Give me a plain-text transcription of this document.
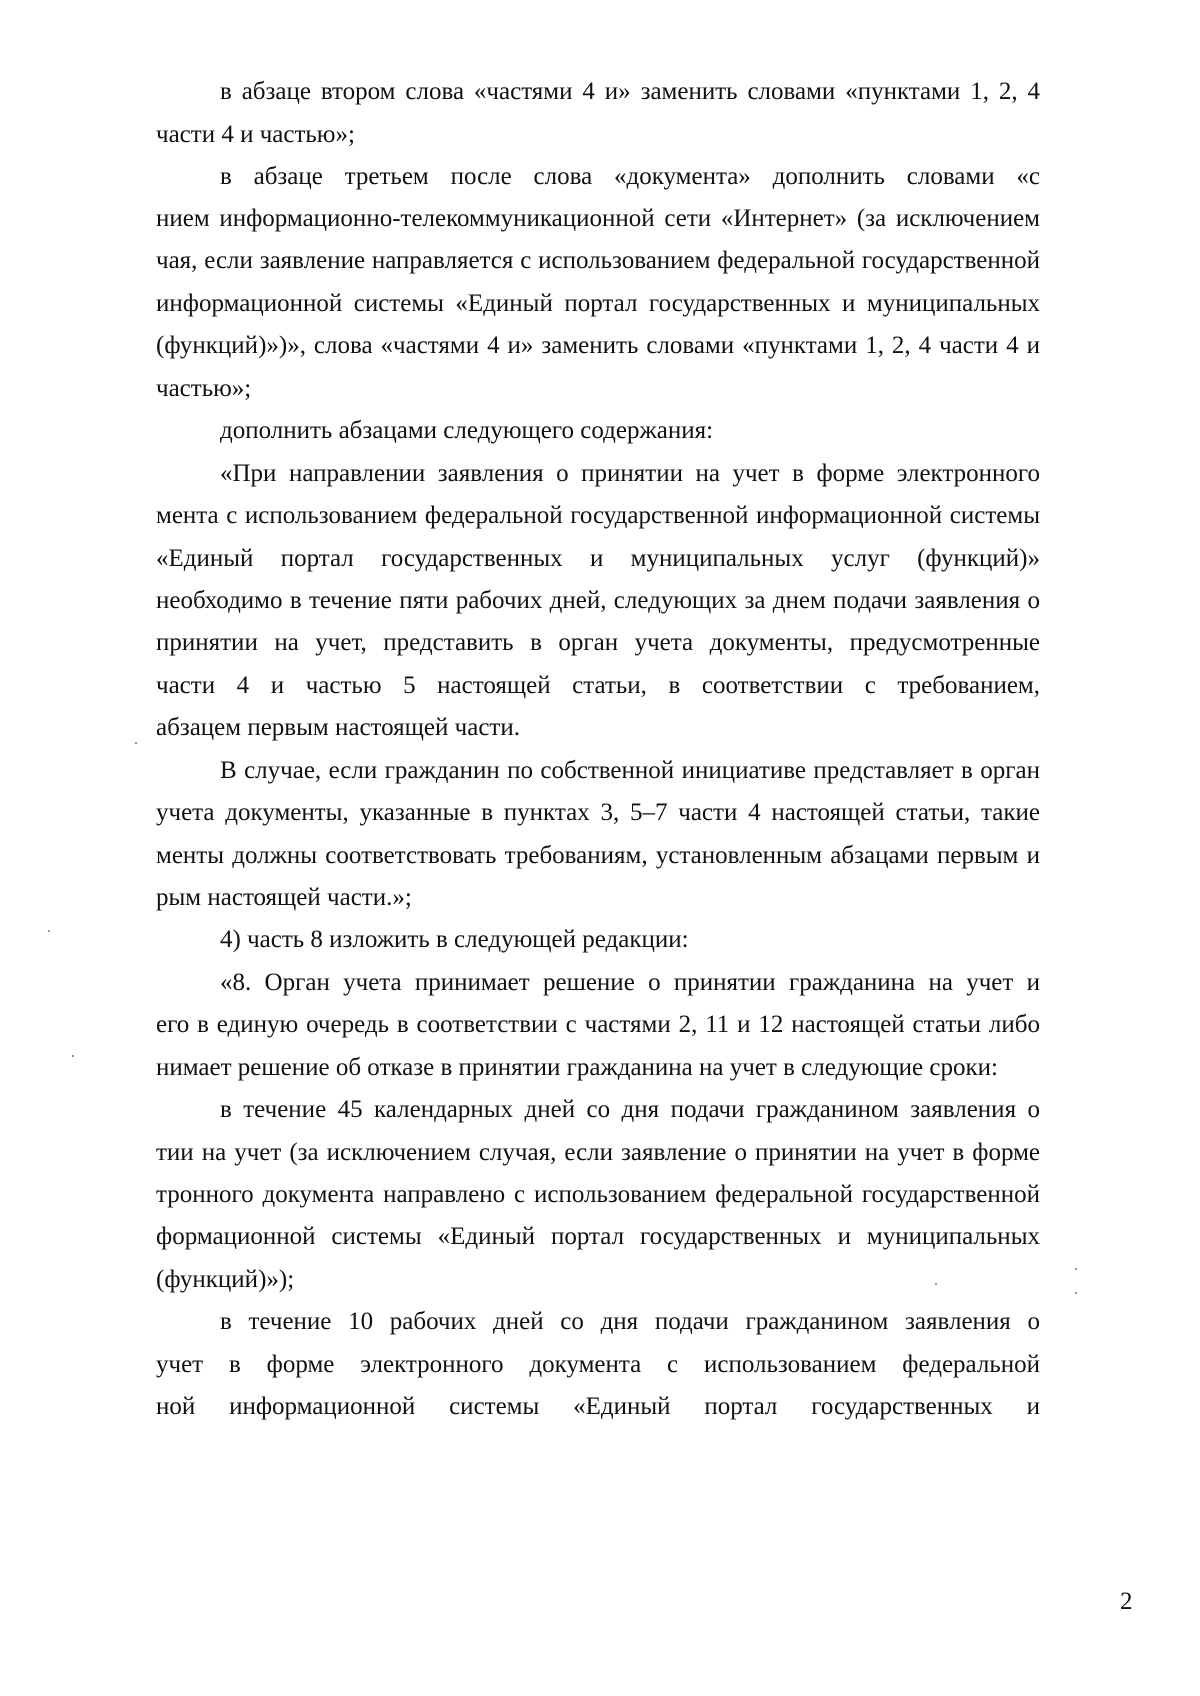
в абзаце втором слова «частями 4 и» заменить словами «пунктами 1, 2, 4
части 4 и частью»;
в абзаце третьем после слова «документа» дополнить словами «с
нием информационно-телекоммуникационной сети «Интернет» (за исключением
чая, если заявление направляется с использованием федеральной государственной
информационной системы «Единый портал государственных и муниципальных
(функций)»)», слова «частями 4 и» заменить словами «пунктами 1, 2, 4 части 4 и
частью»;
дополнить абзацами следующего содержания:
«При направлении заявления о принятии на учет в форме электронного
мента с использованием федеральной государственной информационной системы
«Единый портал государственных и муниципальных услуг (функций)»
необходимо в течение пяти рабочих дней, следующих за днем подачи заявления о
принятии на учет, представить в орган учета документы, предусмотренные
части 4 и частью 5 настоящей статьи, в соответствии с требованием,
абзацем первым настоящей части.
В случае, если гражданин по собственной инициативе представляет в орган
учета документы, указанные в пунктах 3, 5–7 части 4 настоящей статьи, такие
менты должны соответствовать требованиям, установленным абзацами первым и
рым настоящей части.»;
4) часть 8 изложить в следующей редакции:
«8. Орган учета принимает решение о принятии гражданина на учет и
его в единую очередь в соответствии с частями 2, 11 и 12 настоящей статьи либо
нимает решение об отказе в принятии гражданина на учет в следующие сроки:
в течение 45 календарных дней со дня подачи гражданином заявления о
тии на учет (за исключением случая, если заявление о принятии на учет в форме
тронного документа направлено с использованием федеральной государственной
формационной системы «Единый портал государственных и муниципальных
(функций)»);
в течение 10 рабочих дней со дня подачи гражданином заявления о
учет в форме электронного документа с использованием федеральной
ной информационной системы «Единый портал государственных и
2
